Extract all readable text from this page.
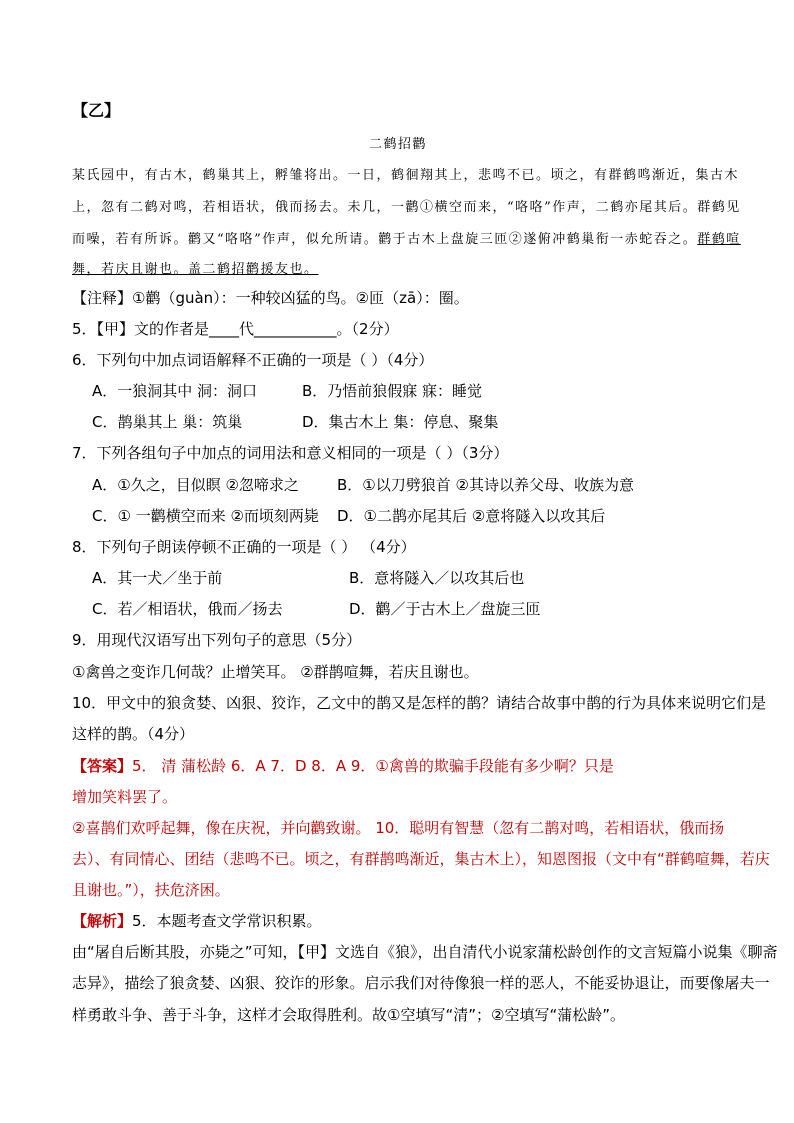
【乙】
二鹤招鹳
某氏园中，有古木，鹤巢其上，孵雏将出。一日，鹤徊翔其上，悲鸣不已。顷之，有群鹤鸣渐近，集古木
上，忽有二鹤对鸣，若相语状，俄而扬去。未几，一鹳①横空而来，“咯咯”作声，二鹤亦尾其后。群鹤见
而噪，若有所诉。鹳又“咯咯”作声，似允所请。鹳于古木上盘旋三匝②遂俯冲鹤巢衔一赤蛇吞之。群鹤喧
舞，若庆且谢也。盖二鹤招鹳援友也。
【注释】①鹳（guàn）：一种较凶猛的鸟。②匝（zā）：圈。
5．【甲】文的作者是____代___________。（2分）
6．下列句中加点词语解释不正确的一项是（ ）（4分）
A．一狼洞其中 洞：洞口	B．乃悟前狼假寐 寐：睡觉
C．鹊巢其上 巢：筑巢	D．集古木上 集：停息、聚集
7．下列各组句子中加点的词用法和意义相同的一项是（ ）（3分）
A．①久之，目似瞑 ②忽啼求之	B．①以刀劈狼首 ②其诗以养父母、收族为意
C．① 一鹳横空而来 ②而顷刻两毙 D．①二鹊亦尾其后 ②意将隧入以攻其后
8．下列句子朗读停顿不正确的一项是（ ） （4分）
A．其一犬／坐于前	B．意将隧入／以攻其后也
C．若／相语状，俄而／扬去	D．鹳／于古木上／盘旋三匝
9．用现代汉语写出下列句子的意思（5分）
①禽兽之变诈几何哉？止增笑耳。 ②群鹊喧舞，若庆且谢也。
10．甲文中的狼贪婪、凶狠、狡诈，乙文中的鹊又是怎样的鹊？请结合故事中鹊的行为具体来说明它们是
这样的鹊。（4分）
【答案】5． 清 蒲松龄 6．A 7．D 8．A 9．①禽兽的欺骗手段能有多少啊？只是
增加笑料罢了。
②喜鹊们欢呼起舞，像在庆祝，并向鹳致谢。 10．聪明有智慧（忽有二鹊对鸣，若相语状，俄而扬
去）、有同情心、团结（悲鸣不已。顷之，有群鹊鸣渐近，集古木上），知恩图报（文中有“群鹤喧舞，若庆
且谢也。”），扶危济困。
【解析】5．本题考查文学常识积累。
由“屠自后断其股，亦毙之”可知，【甲】文选自《狼》，出自清代小说家蒲松龄创作的文言短篇小说集《聊斋
志异》，描绘了狼贪婪、凶狠、狡诈的形象。启示我们对待像狼一样的恶人，不能妥协退让，而要像屠夫一
样勇敢斗争、善于斗争，这样才会取得胜利。故①空填写“清”；②空填写“蒲松龄”。
